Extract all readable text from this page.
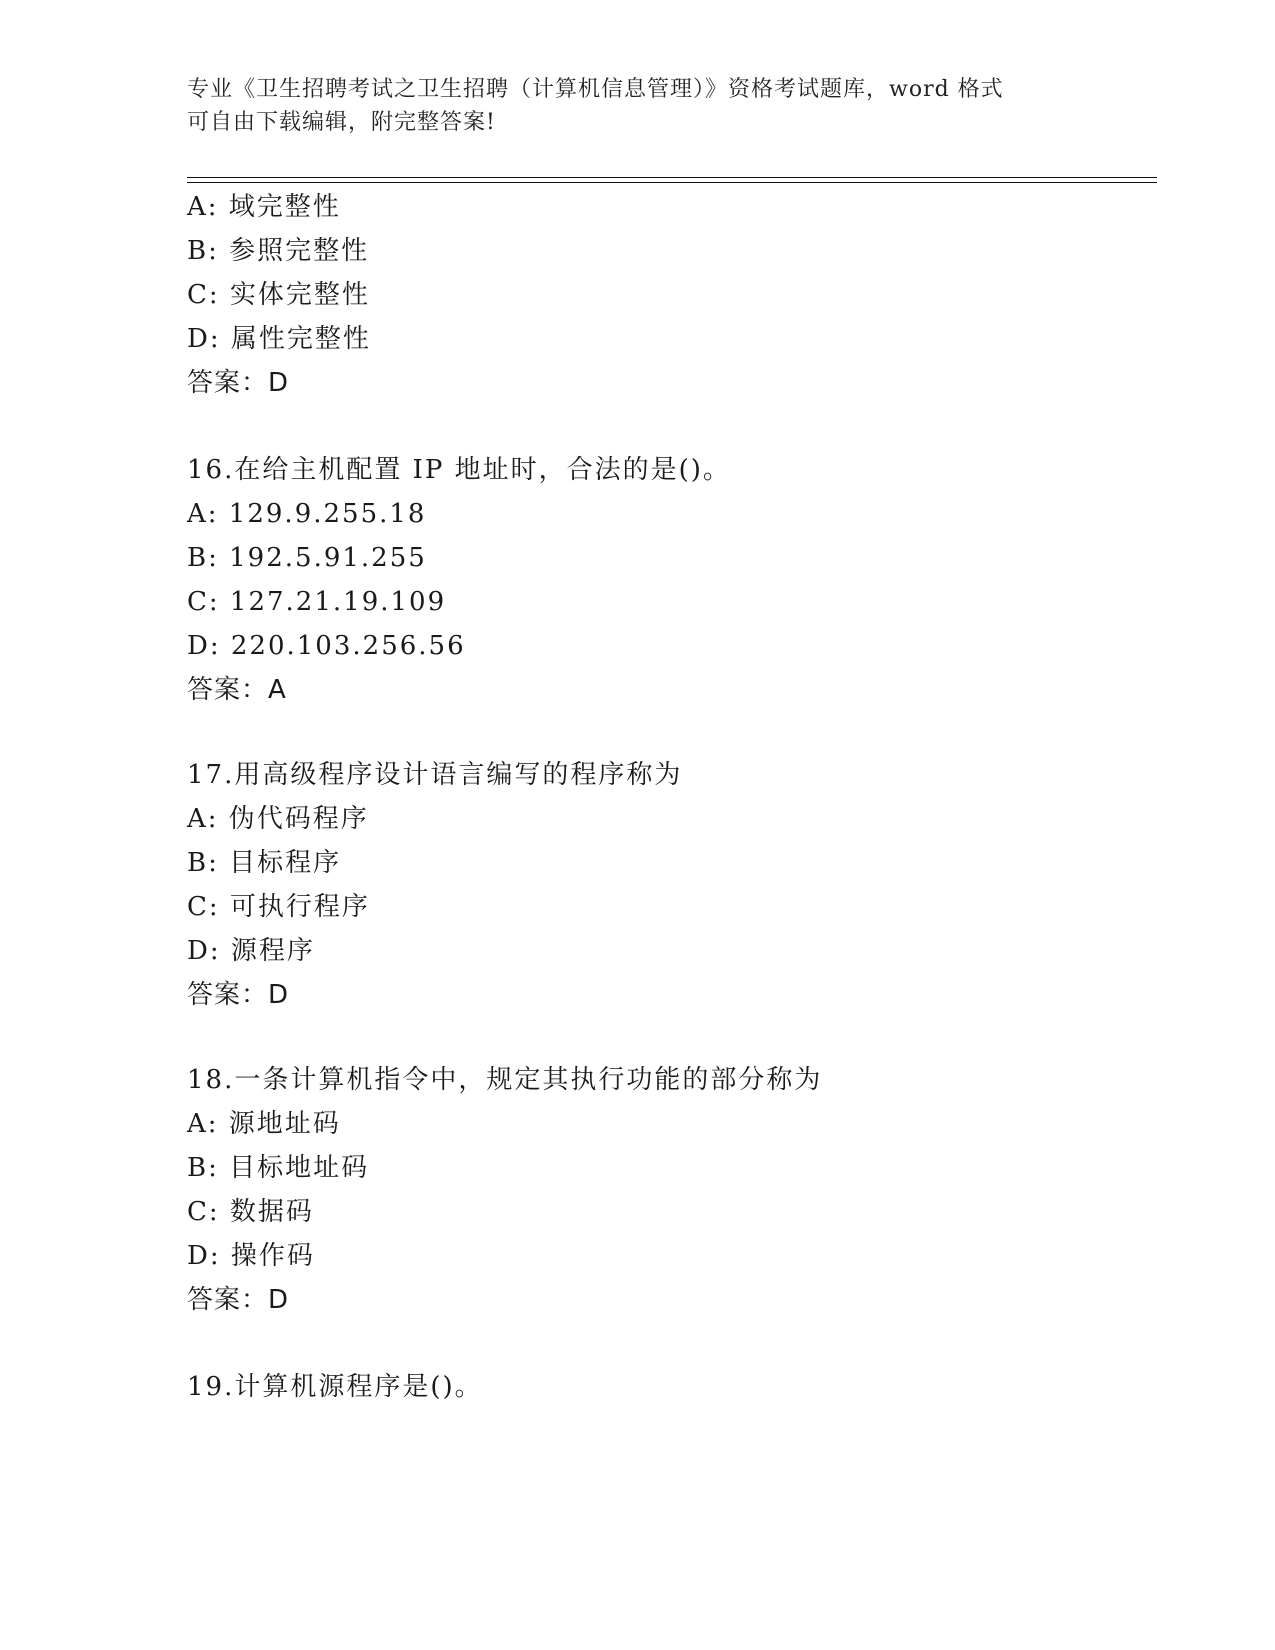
专业《卫生招聘考试之卫生招聘（计算机信息管理）》资格考试题库，word 格式
可自由下载编辑，附完整答案!
A: 域完整性
B: 参照完整性
C: 实体完整性
D: 属性完整性
答案：D
16.在给主机配置 IP 地址时，合法的是()。
A: 129.9.255.18
B: 192.5.91.255
C: 127.21.19.109
D: 220.103.256.56
答案：A
17.用高级程序设计语言编写的程序称为
A: 伪代码程序
B: 目标程序
C: 可执行程序
D: 源程序
答案：D
18.一条计算机指令中，规定其执行功能的部分称为
A: 源地址码
B: 目标地址码
C: 数据码
D: 操作码
答案：D
19.计算机源程序是()。
